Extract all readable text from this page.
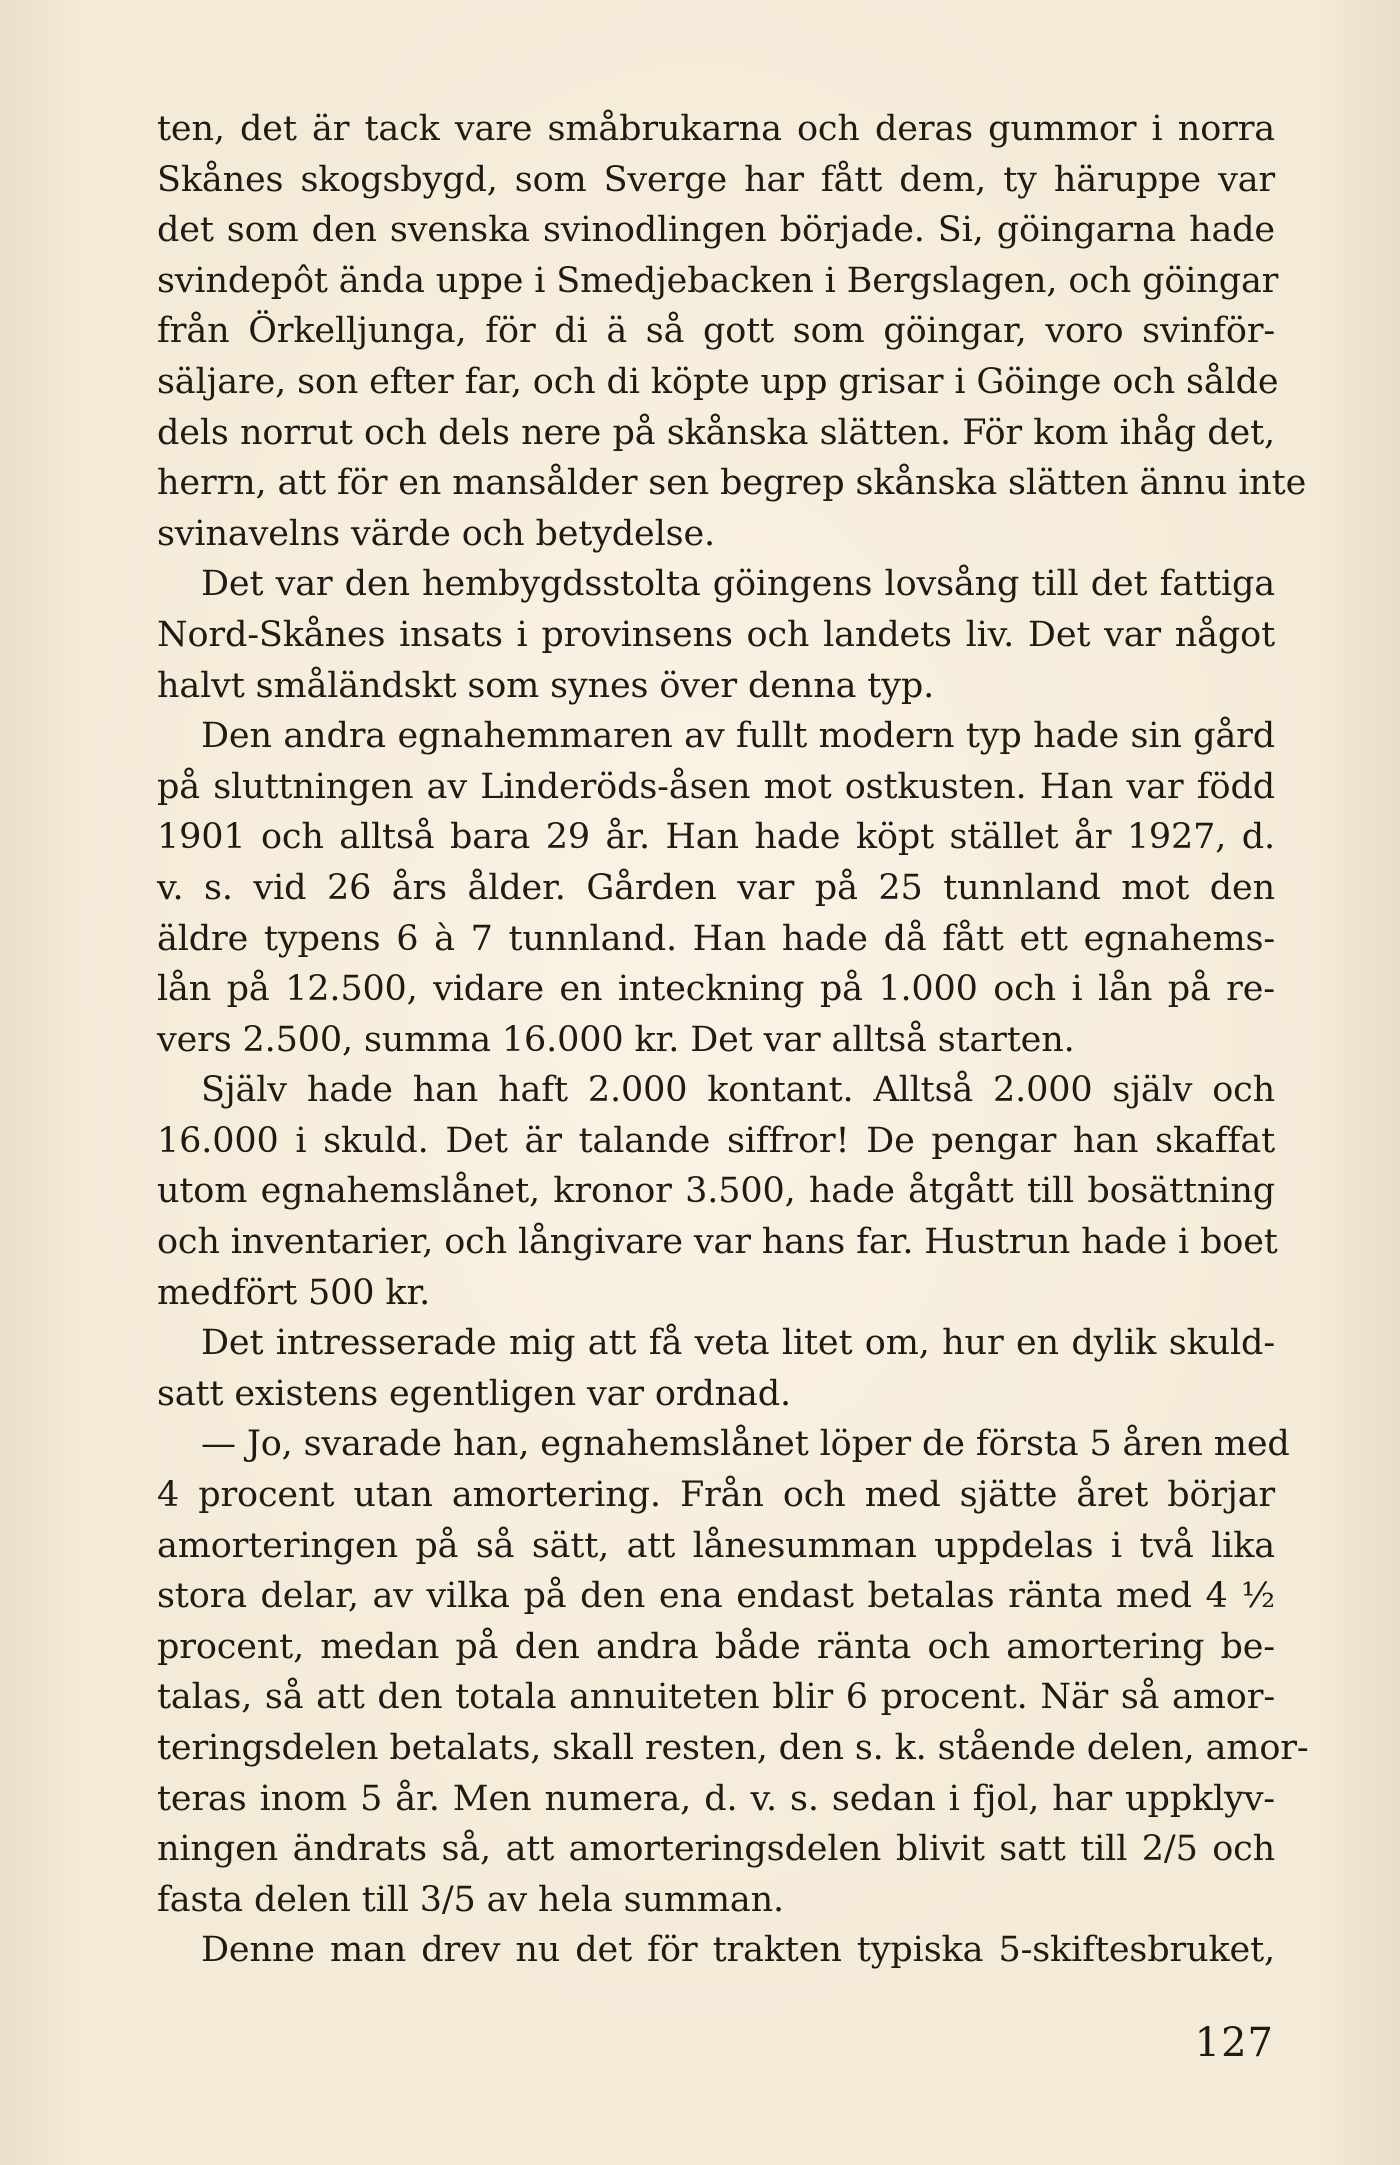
ten, det är tack vare småbrukarna och deras gummor i norra
Skånes skogsbygd, som Sverge har fått dem, ty häruppe var
det som den svenska svinodlingen började. Si, göingarna hade
svindepôt ända uppe i Smedjebacken i Bergslagen, och göingar
från Örkelljunga, för di ä så gott som göingar, voro svinför-
säljare, son efter far, och di köpte upp grisar i Göinge och sålde
dels norrut och dels nere på skånska slätten. För kom ihåg det,
herrn, att för en mansålder sen begrep skånska slätten ännu inte
svinavelns värde och betydelse.
Det var den hembygdsstolta göingens lovsång till det fattiga
Nord-Skånes insats i provinsens och landets liv. Det var något
halvt småländskt som synes över denna typ.
Den andra egnahemmaren av fullt modern typ hade sin gård
på sluttningen av Linderöds-åsen mot ostkusten. Han var född
1901 och alltså bara 29 år. Han hade köpt stället år 1927, d.
v. s. vid 26 års ålder. Gården var på 25 tunnland mot den
äldre typens 6 à 7 tunnland. Han hade då fått ett egnahems-
lån på 12.500, vidare en inteckning på 1.000 och i lån på re-
vers 2.500, summa 16.000 kr. Det var alltså starten.
Själv hade han haft 2.000 kontant. Alltså 2.000 själv och
16.000 i skuld. Det är talande siffror! De pengar han skaffat
utom egnahemslånet, kronor 3.500, hade åtgått till bosättning
och inventarier, och långivare var hans far. Hustrun hade i boet
medfört 500 kr.
Det intresserade mig att få veta litet om, hur en dylik skuld-
satt existens egentligen var ordnad.
— Jo, svarade han, egnahemslånet löper de första 5 åren med
4 procent utan amortering. Från och med sjätte året börjar
amorteringen på så sätt, att lånesumman uppdelas i två lika
stora delar, av vilka på den ena endast betalas ränta med 4 ½
procent, medan på den andra både ränta och amortering be-
talas, så att den totala annuiteten blir 6 procent. När så amor-
teringsdelen betalats, skall resten, den s. k. stående delen, amor-
teras inom 5 år. Men numera, d. v. s. sedan i fjol, har uppklyv-
ningen ändrats så, att amorteringsdelen blivit satt till 2/5 och
fasta delen till 3/5 av hela summan.
Denne man drev nu det för trakten typiska 5-skiftesbruket,
127
